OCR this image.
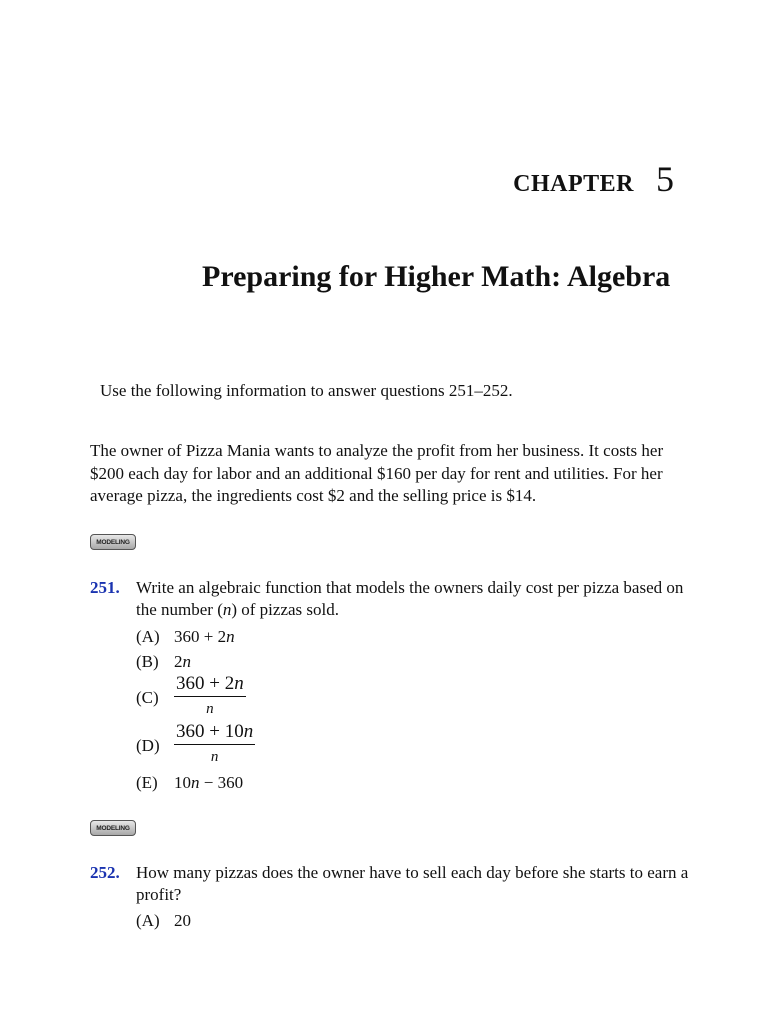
CHAPTER 5
Preparing for Higher Math: Algebra
Use the following information to answer questions 251–252.
The owner of Pizza Mania wants to analyze the profit from her business. It costs her $200 each day for labor and an additional $160 per day for rent and utilities. For her average pizza, the ingredients cost $2 and the selling price is $14.
MODELING
251. Write an algebraic function that models the owners daily cost per pizza based on the number (n) of pizzas sold.
(A) 360 + 2n
(B) 2n
$(C) \frac{360 + 2n}{n}$
$(D) \frac{360 + 10n}{n}$
(E) 10n − 360
MODELING
252. How many pizzas does the owner have to sell each day before she starts to earn a profit?
(A) 20
